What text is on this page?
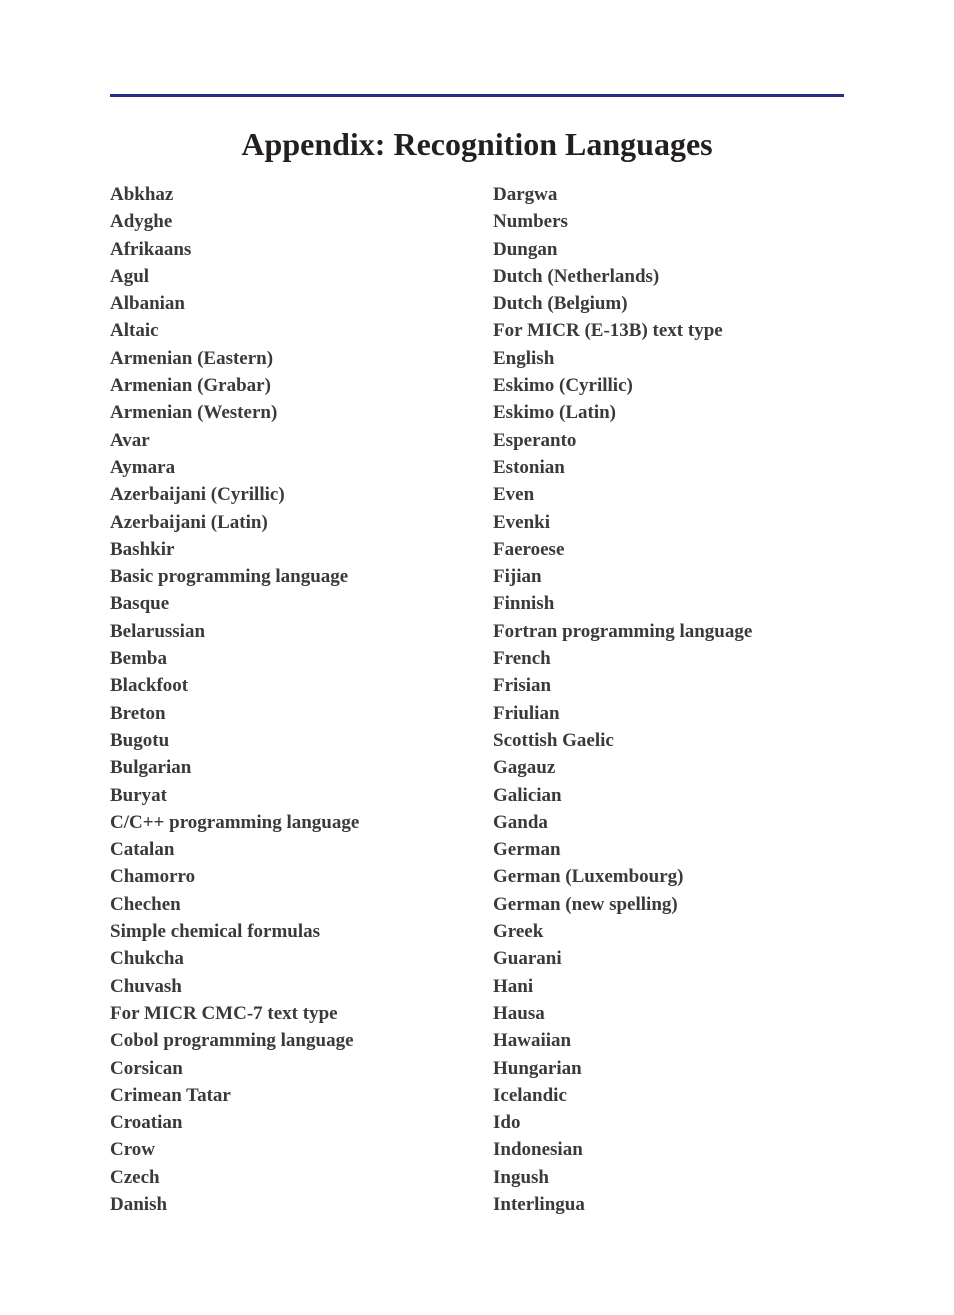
Appendix: Recognition Languages
Abkhaz
Adyghe
Afrikaans
Agul
Albanian
Altaic
Armenian (Eastern)
Armenian (Grabar)
Armenian (Western)
Avar
Aymara
Azerbaijani (Cyrillic)
Azerbaijani (Latin)
Bashkir
Basic programming language
Basque
Belarussian
Bemba
Blackfoot
Breton
Bugotu
Bulgarian
Buryat
C/C++ programming language
Catalan
Chamorro
Chechen
Simple chemical formulas
Chukcha
Chuvash
For MICR CMC-7 text type
Cobol programming language
Corsican
Crimean Tatar
Croatian
Crow
Czech
Danish
Dargwa
Numbers
Dungan
Dutch (Netherlands)
Dutch (Belgium)
For MICR (E-13B) text type
English
Eskimo (Cyrillic)
Eskimo (Latin)
Esperanto
Estonian
Even
Evenki
Faeroese
Fijian
Finnish
Fortran programming language
French
Frisian
Friulian
Scottish Gaelic
Gagauz
Galician
Ganda
German
German (Luxembourg)
German (new spelling)
Greek
Guarani
Hani
Hausa
Hawaiian
Hungarian
Icelandic
Ido
Indonesian
Ingush
Interlingua
